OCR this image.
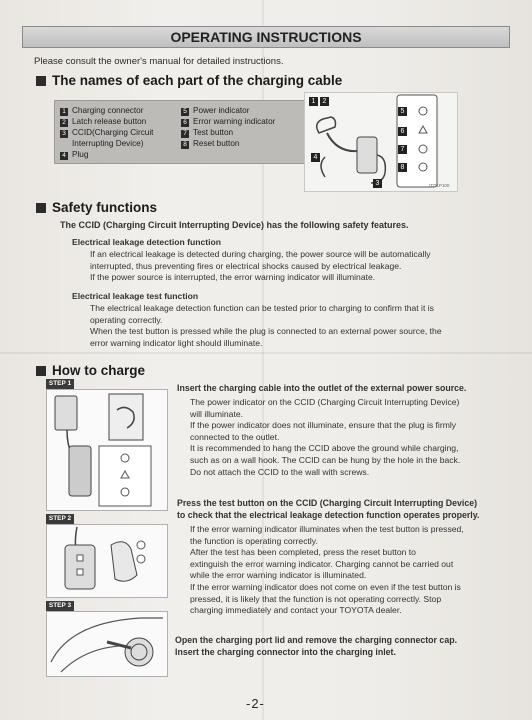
OPERATING INSTRUCTIONS
Please consult the owner's manual for detailed instructions.
The names of each part of the charging cable
1 Charging connector
2 Latch release button
3 CCID(Charging Circuit
Interrupting Device)
4 Plug
5 Power indicator
6 Error warning indicator
7 Test button
8 Reset button
1	2
4
3
5
6
7
8
ITO1P100
Safety functions
The CCID (Charging Circuit Interrupting Device) has the following safety features.
Electrical leakage detection function
If an electrical leakage is detected during charging, the power source will be automatically
interrupted, thus preventing fires or electrical shocks caused by electrical leakage.
If the power source is interrupted, the error warning indicator will illuminate.
Electrical leakage test function
The electrical leakage detection function can be tested prior to charging to confirm that it is
operating correctly.
When the test button is pressed while the plug is connected to an external power source, the
error warning indicator light should illuminate.
How to charge
STEP 1
STEP 2
STEP 3
Insert the charging cable into the outlet of the external power source.
The power indicator on the CCID (Charging Circuit Interrupting Device)
will illuminate.
If the power indicator does not illuminate, ensure that the plug is firmly
connected to the outlet.
It is recommended to hang the CCID above the ground while charging,
such as on a wall hook. The CCID can be hung by the hole in the back.
Do not attach the CCID to the wall with screws.
Press the test button on the CCID (Charging Circuit Interrupting Device)
to check that the electrical leakage detection function operates properly.
If the error warning indicator illuminates when the test button is pressed,
the function is operating correctly.
After the test has been completed, press the reset button to
extinguish the error warning indicator. Charging cannot be carried out
while the error warning indicator is illuminated.
If the error warning indicator does not come on even if the test button is
pressed, it is likely that the function is not operating correctly. Stop
charging immediately and contact your TOYOTA dealer.
Open the charging port lid and remove the charging connector cap.
Insert the charging connector into the charging inlet.
-2-
